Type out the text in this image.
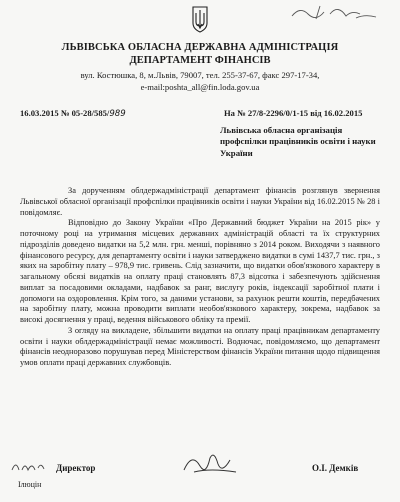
ЛЬВІВСЬКА ОБЛАСНА ДЕРЖАВНА АДМІНІСТРАЦІЯ
ДЕПАРТАМЕНТ ФІНАНСІВ
вул. Костюшка, 8, м.Львів, 79007, тел. 255-37-67, факс 297-17-34,
e-mail:poshta_all@fin.loda.gov.ua
16.03.2015 № 05-28/585/989	На № 27/8-2296/0/1-15 від 16.02.2015
Львівська обласна організація профспілки працівників освіти і науки України

За дорученням облдержадміністрації департамент фінансів розглянув звернення Львівської обласної організації профспілки працівників освіти і науки України від 16.02.2015 № 28 і повідомляє.

Відповідно до Закону України «Про Державний бюджет України на 2015 рік» у поточному році на утримання місцевих державних адміністрацій області та їх структурних підрозділів доведено видатки на 5,2 млн. грн. менші, порівняно з 2014 роком. Виходячи з наявного фінансового ресурсу, для департаменту освіти і науки затверджено видатки в сумі 1437,7 тис. грн., з яких на заробітну плату – 978,9 тис. гривень. Слід зазначити, що видатки обов'язкового характеру в загальному обсязі видатків на оплату праці становлять 87,3 відсотка і забезпечують здійснення виплат за посадовими окладами, надбавок за ранг, вислугу років, індексації заробітної плати і допомоги на оздоровлення. Крім того, за даними установи, за рахунок решти коштів, передбачених на заробітну плату, можна проводити виплати необов'язкового характеру, зокрема, надбавок за високі досягнення у праці, ведення військового обліку та премії.

З огляду на викладене, збільшити видатки на оплату праці працівникам департаменту освіти і науки облдержадміністрації немає можливості. Водночас, повідомляємо, що департамент фінансів неодноразово порушував перед Міністерством фінансів України питання щодо підвищення умов оплати праці державних службовців.

Директор	О.І. Демків
Ілюцін
